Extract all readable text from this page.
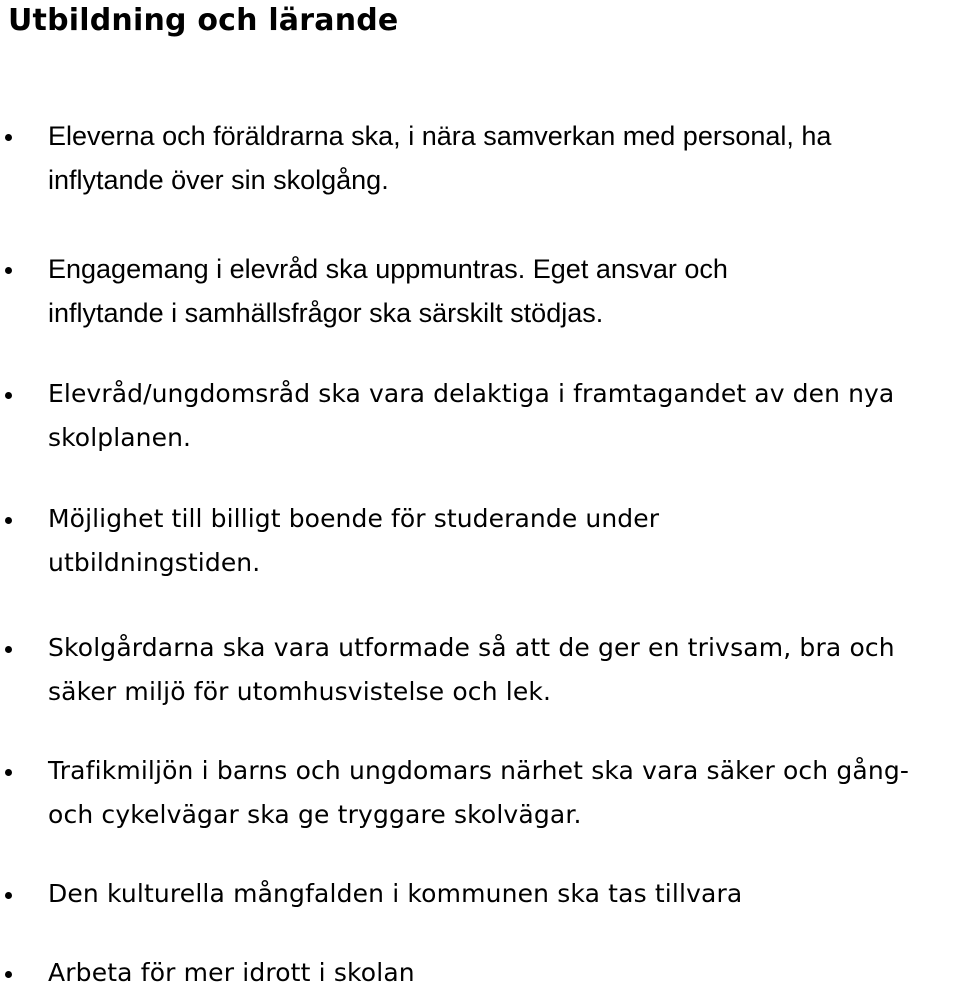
Utbildning och lärande
Eleverna och föräldrarna ska, i nära samverkan med personal, ha inflytande över sin skolgång.
Engagemang i elevråd ska uppmuntras. Eget ansvar och inflytande i samhällsfrågor ska särskilt stödjas.
Elevråd/ungdomsråd ska vara delaktiga i framtagandet av den nya skolplanen.
Möjlighet till billigt boende för studerande under utbildningstiden.
Skolgårdarna ska vara utformade så att de ger en trivsam, bra och säker miljö för utomhusvistelse och lek.
Trafikmiljön i barns och ungdomars närhet ska vara säker och gång- och cykelvägar ska ge tryggare skolvägar.
Den kulturella mångfalden i kommunen ska tas tillvara
Arbeta för mer idrott i skolan
